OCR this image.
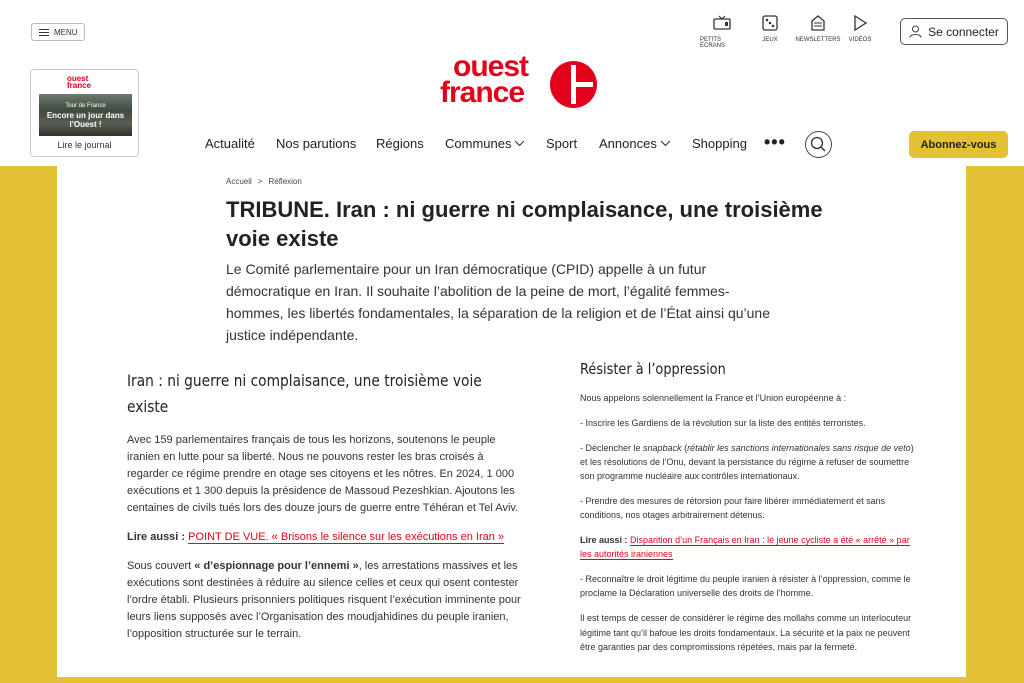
MENU
PETITS ÉCRANS
JEUX	NEWSLETTERS VIDÉOS
Se connecter
ouest
france
Tour de France
Encore un jour dans l’Ouest !
Lire le journal
ouest
france
Actualité Nos parutions Régions Communes	Sport Annonces	Shopping •••	Abonnez-vous
Accueil > Réflexion
TRIBUNE. Iran : ni guerre ni complaisance, une troisième voie existe

Le Comité parlementaire pour un Iran démocratique (CPID) appelle à un futur démocratique en Iran. Il souhaite l’abolition de la peine de mort, l’égalité femmes-hommes, les libertés fondamentales, la séparation de la religion et de l’État ainsi qu’une justice indépendante.

Iran : ni guerre ni complaisance, une troisième voie existe

Avec 159 parlementaires français de tous les horizons, soutenons le peuple iranien en lutte pour sa liberté. Nous ne pouvons rester les bras croisés à regarder ce régime prendre en otage ses citoyens et les nôtres. En 2024, 1 000 exécutions et 1 300 depuis la présidence de Massoud Pezeshkian. Ajoutons les centaines de civils tués lors des douze jours de guerre entre Téhéran et Tel Aviv.

Lire aussi : POINT DE VUE. « Brisons le silence sur les exécutions en Iran »

Sous couvert « d’espionnage pour l’ennemi », les arrestations massives et les exécutions sont destinées à réduire au silence celles et ceux qui osent contester l’ordre établi. Plusieurs prisonniers politiques risquent l’exécution imminente pour leurs liens supposés avec l’Organisation des moudjahidines du peuple iranien, l’opposition structurée sur le terrain.

Résister à l’oppression

Nous appelons solennellement la France et l’Union européenne à :

- Inscrire les Gardiens de la révolution sur la liste des entités terroristes.

- Déclencher le snapback (rétablir les sanctions internationales sans risque de veto) et les résolutions de l’Onu, devant la persistance du régime à refuser de soumettre son programme nucléaire aux contrôles internationaux.

- Prendre des mesures de rétorsion pour faire libérer immédiatement et sans conditions, nos otages arbitrairement détenus.

Lire aussi : Disparition d’un Français en Iran : le jeune cycliste a été « arrêté » par les autorités iraniennes

- Reconnaître le droit légitime du peuple iranien à résister à l’oppression, comme le proclame la Déclaration universelle des droits de l’homme.

Il est temps de cesser de considérer le régime des mollahs comme un interlocuteur légitime tant qu’il bafoue les droits fondamentaux. La sécurité et la paix ne peuvent être garanties par des compromissions répétées, mais par la fermeté.
